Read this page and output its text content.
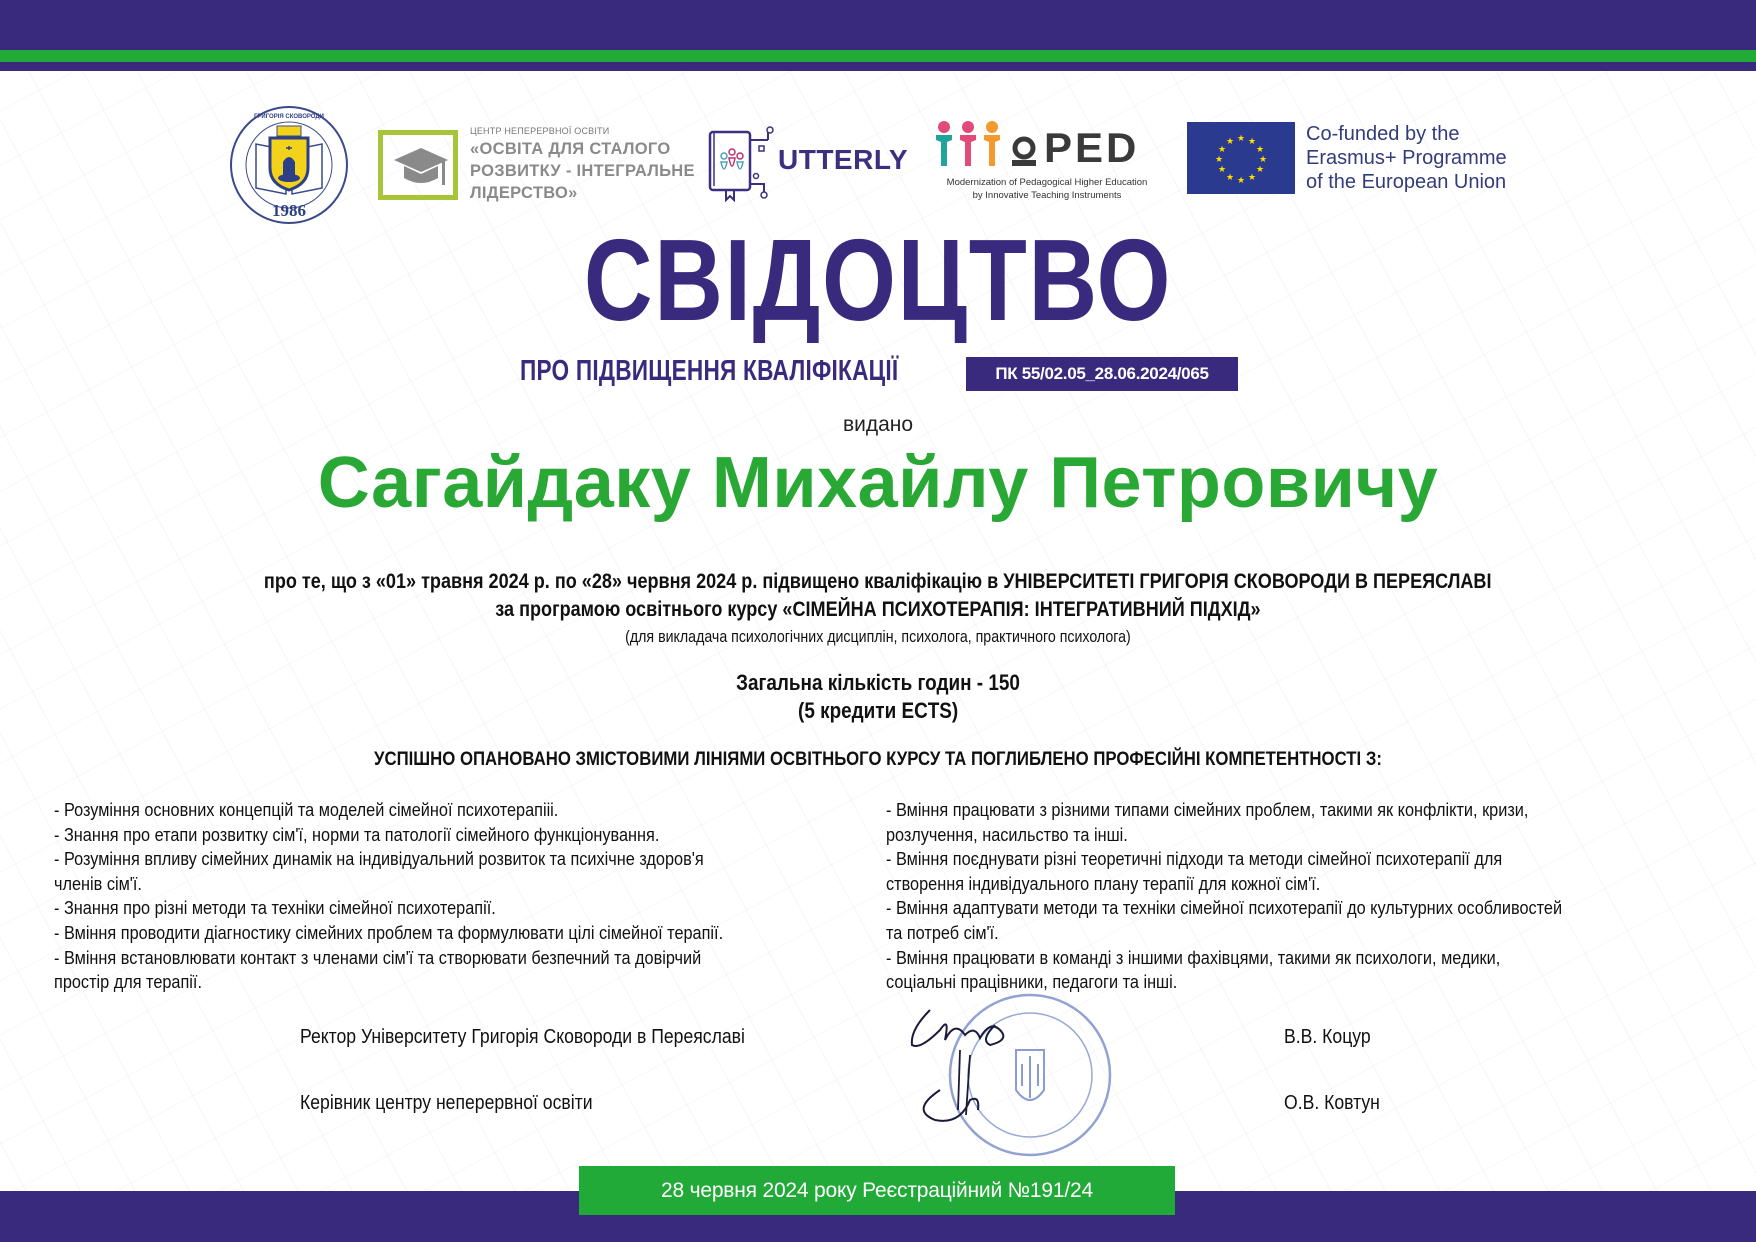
1986
ГРИГОРІЯ СКОВОРОДИ
ЦЕНТР НЕПЕРЕРВНОЇ ОСВІТИ
«ОСВІТА ДЛЯ СТАЛОГО
РОЗВИТКУ - ІНТЕГРАЛЬНЕ
ЛІДЕРСТВО»
UTTERLY	PED
Modernization of Pedagogical Higher Education
by Innovative Teaching Instruments
★ ★
★
★
★
★
★
★
★
★
★
★	Co-funded by the
Erasmus+ Programme
of the European Union
СВІДОЦТВО
ПРО ПІДВИЩЕННЯ КВАЛІФІКАЦІЇ	ПК 55/02.05_28.06.2024/065
видано
Сагайдаку Михайлу Петровичу
про те, що з «01» травня 2024 р. по «28» червня 2024 р. підвищено кваліфікацію в УНІВЕРСИТЕТІ ГРИГОРІЯ СКОВОРОДИ В ПЕРЕЯСЛАВІ
за програмою освітнього курсу «СІМЕЙНА ПСИХОТЕРАПІЯ: ІНТЕГРАТИВНИЙ ПІДХІД»
(для викладача психологічних дисциплін, психолога, практичного психолога)
Загальна кількість годин - 150
(5 кредити ECTS)
УСПІШНО ОПАНОВАНО ЗМІСТОВИМИ ЛІНІЯМИ ОСВІТНЬОГО КУРСУ ТА ПОГЛИБЛЕНО ПРОФЕСІЙНІ КОМПЕТЕНТНОСТІ З:
- Розуміння основних концепцій та моделей сімейної психотерапііі.
- Знання про етапи розвитку сім'ї, норми та патології сімейного функціонування.
- Розуміння впливу сімейних динамік на індивідуальний розвиток та психічне здоров'я
членів сім'ї.
- Знання про різні методи та техніки сімейної психотерапії.
- Вміння проводити діагностику сімейних проблем та формулювати цілі сімейної терапії.
- Вміння встановлювати контакт з членами сім'ї та створювати безпечний та довірчий
простір для терапії.
- Вміння працювати з різними типами сімейних проблем, такими як конфлікти, кризи,
розлучення, насильство та інші.
- Вміння поєднувати різні теоретичні підходи та методи сімейної психотерапії для
створення індивідуального плану терапії для кожної сім'ї.
- Вміння адаптувати методи та техніки сімейної психотерапії до культурних особливостей
та потреб сім'ї.
- Вміння працювати в команді з іншими фахівцями, такими як психологи, медики,
соціальні працівники, педагоги та інші.
Ректор Університету Григорія Сковороди в Переяславі	В.В. Коцур
Керівник центру неперервної освіти	О.В. Ковтун
28 червня 2024 року Реєстраційний №191/24
